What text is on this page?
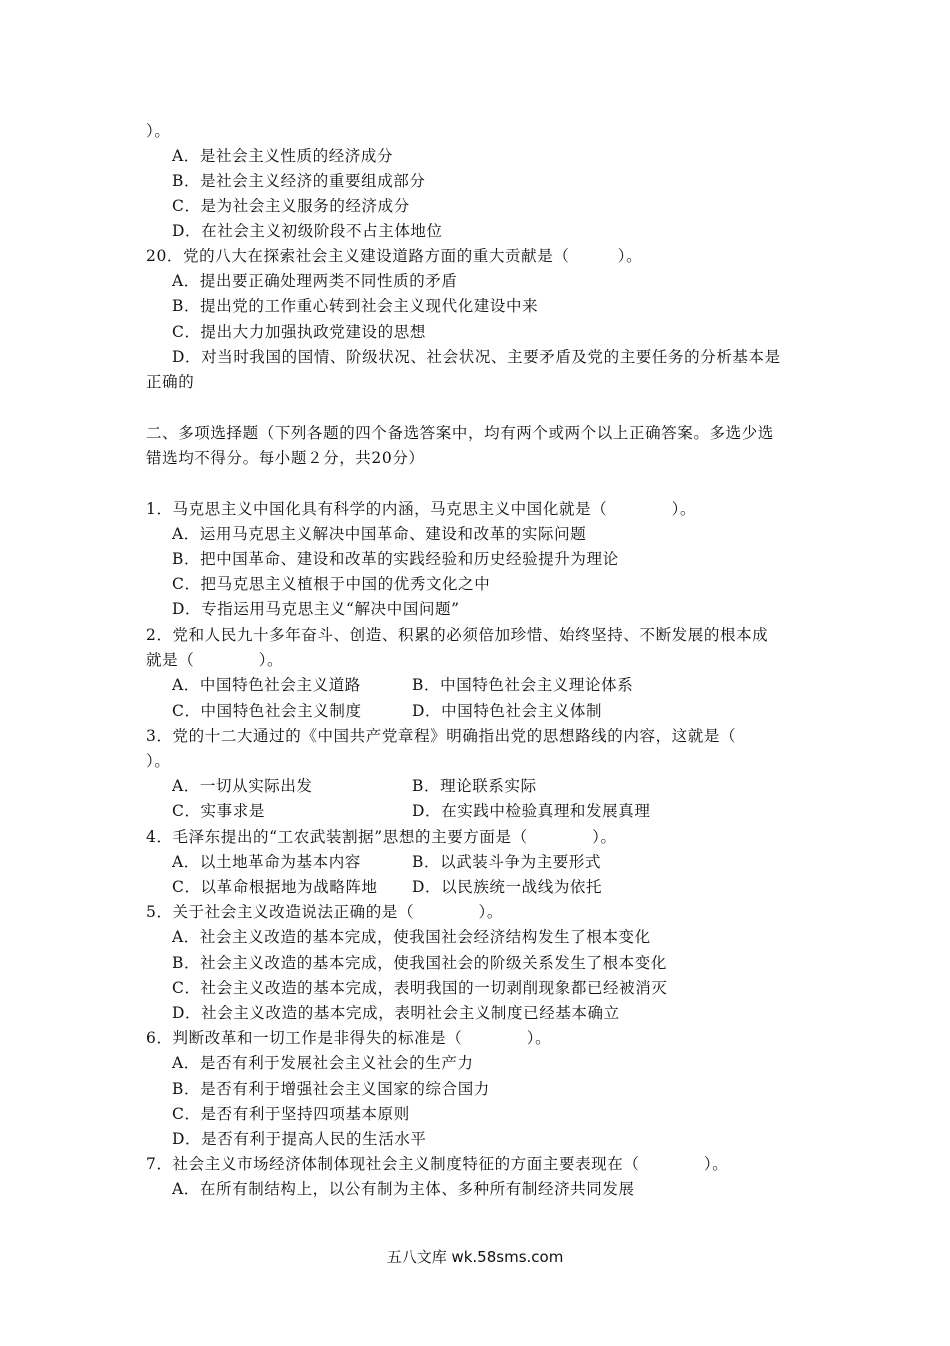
）。
A．是社会主义性质的经济成分
B．是社会主义经济的重要组成部分
C．是为社会主义服务的经济成分
D．在社会主义初级阶段不占主体地位
20．党的八大在探索社会主义建设道路方面的重大贡献是（　　　）。
A．提出要正确处理两类不同性质的矛盾
B．提出党的工作重心转到社会主义现代化建设中来
C．提出大力加强执政党建设的思想
D．对当时我国的国情、阶级状况、社会状况、主要矛盾及党的主要任务的分析基本是
正确的
二、多项选择题（下列各题的四个备选答案中，均有两个或两个以上正确答案。多选少选
错选均不得分。每小题２分，共20分）
1．马克思主义中国化具有科学的内涵，马克思主义中国化就是（　　　　）。
A．运用马克思主义解决中国革命、建设和改革的实际问题
B．把中国革命、建设和改革的实践经验和历史经验提升为理论
C．把马克思主义植根于中国的优秀文化之中
D．专指运用马克思主义“解决中国问题”
2．党和人民九十多年奋斗、创造、积累的必须倍加珍惜、始终坚持、不断发展的根本成
就是（　　　　）。
A．中国特色社会主义道路	B．中国特色社会主义理论体系
C．中国特色社会主义制度	D．中国特色社会主义体制
3．党的十二大通过的《中国共产党章程》明确指出党的思想路线的内容，这就是（
）。
A．一切从实际出发	B．理论联系实际
C．实事求是	D．在实践中检验真理和发展真理
4．毛泽东提出的“工农武装割据”思想的主要方面是（　　　　）。
A．以土地革命为基本内容	B．以武装斗争为主要形式
C．以革命根据地为战略阵地 D．以民族统一战线为依托
5．关于社会主义改造说法正确的是（　　　　）。
A．社会主义改造的基本完成，使我国社会经济结构发生了根本变化
B．社会主义改造的基本完成，使我国社会的阶级关系发生了根本变化
C．社会主义改造的基本完成，表明我国的一切剥削现象都已经被消灭
D．社会主义改造的基本完成，表明社会主义制度已经基本确立
6．判断改革和一切工作是非得失的标准是（　　　　）。
A．是否有利于发展社会主义社会的生产力
B．是否有利于增强社会主义国家的综合国力
C．是否有利于坚持四项基本原则
D．是否有利于提高人民的生活水平
7．社会主义市场经济体制体现社会主义制度特征的方面主要表现在（　　　　）。
A．在所有制结构上，以公有制为主体、多种所有制经济共同发展
五八文库 wk.58sms.com
